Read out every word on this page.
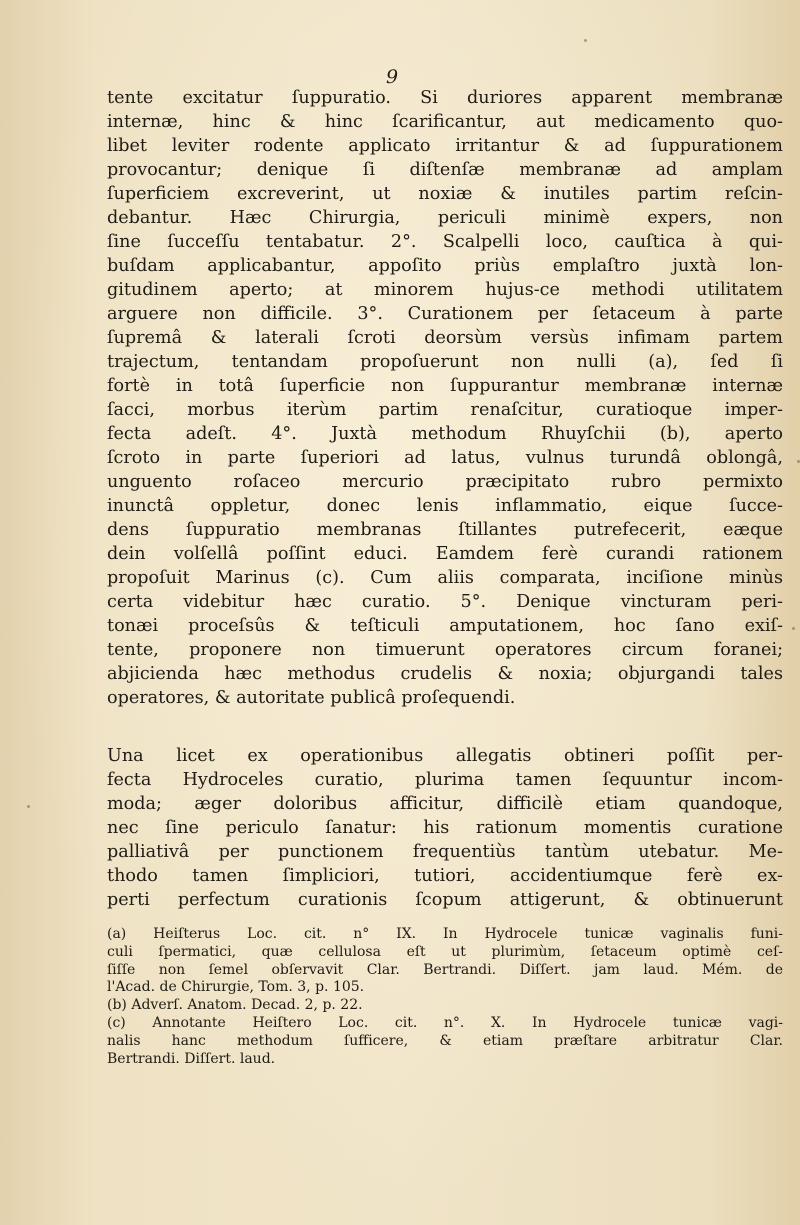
9
tente excitatur ſuppuratio. Si duriores apparent membranæ
internæ, hinc & hinc ſcarificantur, aut medicamento quo-
libet leviter rodente applicato irritantur & ad ſuppurationem
provocantur; denique ſi diſtenſæ membranæ ad amplam
ſuperficiem excreverint, ut noxiæ & inutiles partim reſcin-
debantur. Hæc Chirurgia, periculi minimè expers, non
ſine ſucceſſu tentabatur. 2°. Scalpelli loco, cauſtica à qui-
buſdam applicabantur, appoſito priùs emplaſtro juxtà lon-
gitudinem aperto; at minorem hujus-ce methodi utilitatem
arguere non difficile. 3°. Curationem per ſetaceum à parte
ſupremâ & laterali ſcroti deorsùm versùs infimam partem
trajectum, tentandam propoſuerunt non nulli (a), ſed ſi
fortè in totâ ſuperficie non ſuppurantur membranæ internæ
ſacci, morbus iterùm partim renaſcitur, curatioque imper-
fecta adeſt. 4°. Juxtà methodum Rhuyſchii (b), aperto
ſcroto in parte ſuperiori ad latus, vulnus turundâ oblongâ,
unguento roſaceo mercurio præcipitato rubro permixto
inunctâ oppletur, donec lenis inflammatio, eique ſucce-
dens ſuppuratio membranas ſtillantes putrefecerit, eæque
dein volſellâ poſſint educi. Eamdem ferè curandi rationem
propoſuit Marinus (c). Cum aliis comparata, inciſione minùs
certa videbitur hæc curatio. 5°. Denique vincturam peri-
tonæi proceſsûs & teſticuli amputationem, hoc ſano exiſ-
tente, proponere non timuerunt operatores circum foranei;
abjicienda hæc methodus crudelis & noxia; objurgandi tales
operatores, & autoritate publicâ proſequendi.
Una licet ex operationibus allegatis obtineri poſſit per-
fecta Hydroceles curatio, plurima tamen ſequuntur incom-
moda; æger doloribus afficitur, difficilè etiam quandoque,
nec ſine periculo ſanatur: his rationum momentis curatione
palliativâ per punctionem frequentiùs tantùm utebatur. Me-
thodo tamen ſimpliciori, tutiori, accidentiumque ferè ex-
perti perfectum curationis ſcopum attigerunt, & obtinuerunt
(a) Heiſterus Loc. cit. n° IX. In Hydrocele tunicæ vaginalis funi-
culi ſpermatici, quæ cellulosa eſt ut plurimùm, ſetaceum optimè ceſ-
ſiſſe non ſemel obſervavit Clar. Bertrandi. Diſſert. jam laud. Mém. de
l'Acad. de Chirurgie, Tom. 3, p. 105.
(b) Adverſ. Anatom. Decad. 2, p. 22.
(c) Annotante Heiſtero Loc. cit. n°. X. In Hydrocele tunicæ vagi-
nalis hanc methodum ſufficere, & etiam præſtare arbitratur Clar.
Bertrandi. Diſſert. laud.
